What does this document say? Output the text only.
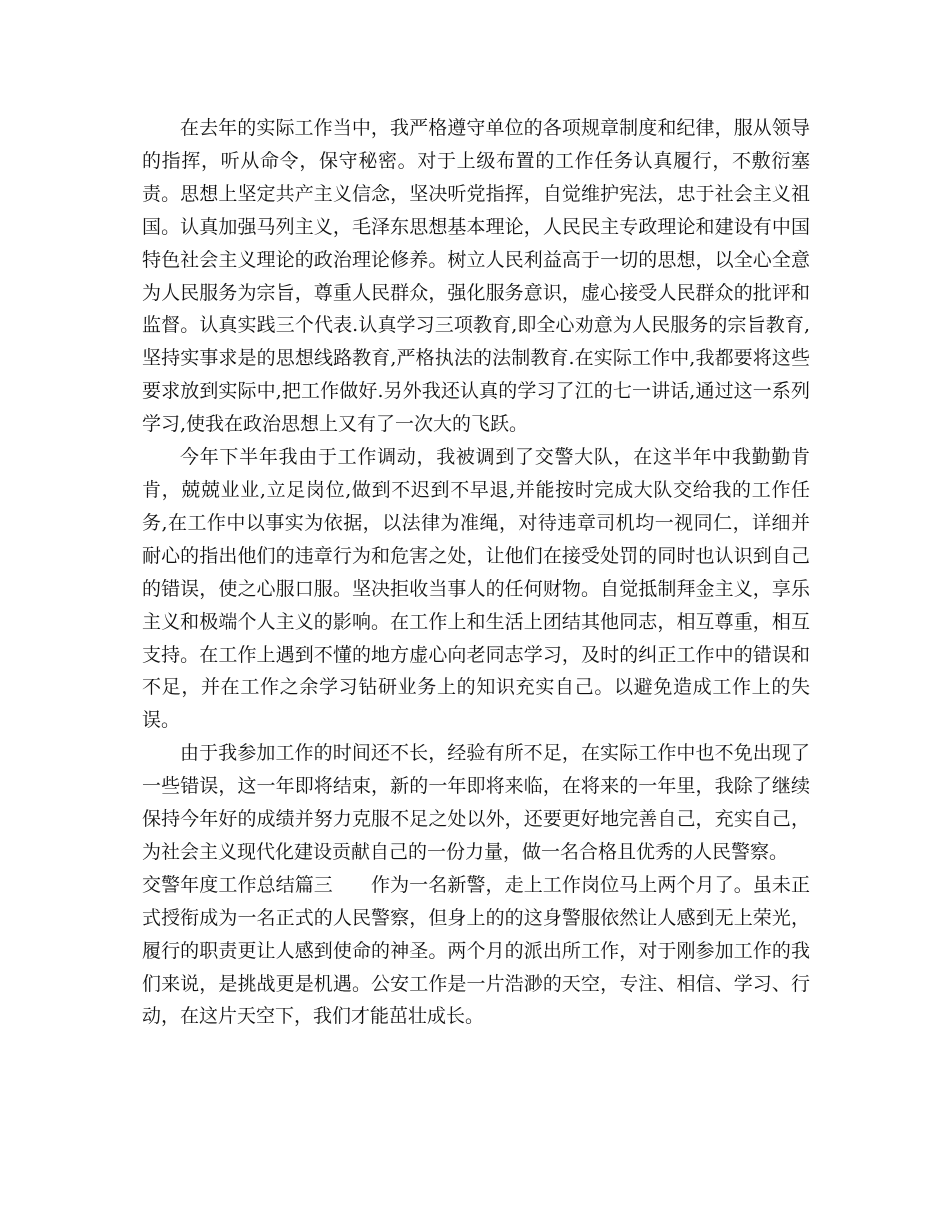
在去年的实际工作当中，我严格遵守单位的各项规章制度和纪律，服从领导的指挥，听从命令，保守秘密。对于上级布置的工作任务认真履行，不敷衍塞责。思想上坚定共产主义信念，坚决听党指挥，自觉维护宪法，忠于社会主义祖国。认真加强马列主义，毛泽东思想基本理论，人民民主专政理论和建设有中国特色社会主义理论的政治理论修养。树立人民利益高于一切的思想，以全心全意为人民服务为宗旨，尊重人民群众，强化服务意识，虚心接受人民群众的批评和监督。认真实践三个代表.认真学习三项教育,即全心劝意为人民服务的宗旨教育,坚持实事求是的思想线路教育,严格执法的法制教育.在实际工作中,我都要将这些要求放到实际中,把工作做好.另外我还认真的学习了江的七一讲话,通过这一系列学习,使我在政治思想上又有了一次大的飞跃。

今年下半年我由于工作调动，我被调到了交警大队，在这半年中我勤勤肯肯，兢兢业业,立足岗位,做到不迟到不早退,并能按时完成大队交给我的工作任务,在工作中以事实为依据，以法律为准绳，对待违章司机均一视同仁，详细并耐心的指出他们的违章行为和危害之处，让他们在接受处罚的同时也认识到自己的错误，使之心服口服。坚决拒收当事人的任何财物。自觉抵制拜金主义，享乐主义和极端个人主义的影响。在工作上和生活上团结其他同志，相互尊重，相互支持。在工作上遇到不懂的地方虚心向老同志学习，及时的纠正工作中的错误和不足，并在工作之余学习钻研业务上的知识充实自己。以避免造成工作上的失误。

由于我参加工作的时间还不长，经验有所不足，在实际工作中也不免出现了一些错误，这一年即将结束，新的一年即将来临，在将来的一年里，我除了继续保持今年好的成绩并努力克服不足之处以外，还要更好地完善自己，充实自己，为社会主义现代化建设贡献自己的一份力量，做一名合格且优秀的人民警察。

交警年度工作总结篇三 作为一名新警，走上工作岗位马上两个月了。虽未正式授衔成为一名正式的人民警察，但身上的的这身警服依然让人感到无上荣光，履行的职责更让人感到使命的神圣。两个月的派出所工作，对于刚参加工作的我们来说，是挑战更是机遇。公安工作是一片浩渺的天空，专注、相信、学习、行动，在这片天空下，我们才能茁壮成长。
